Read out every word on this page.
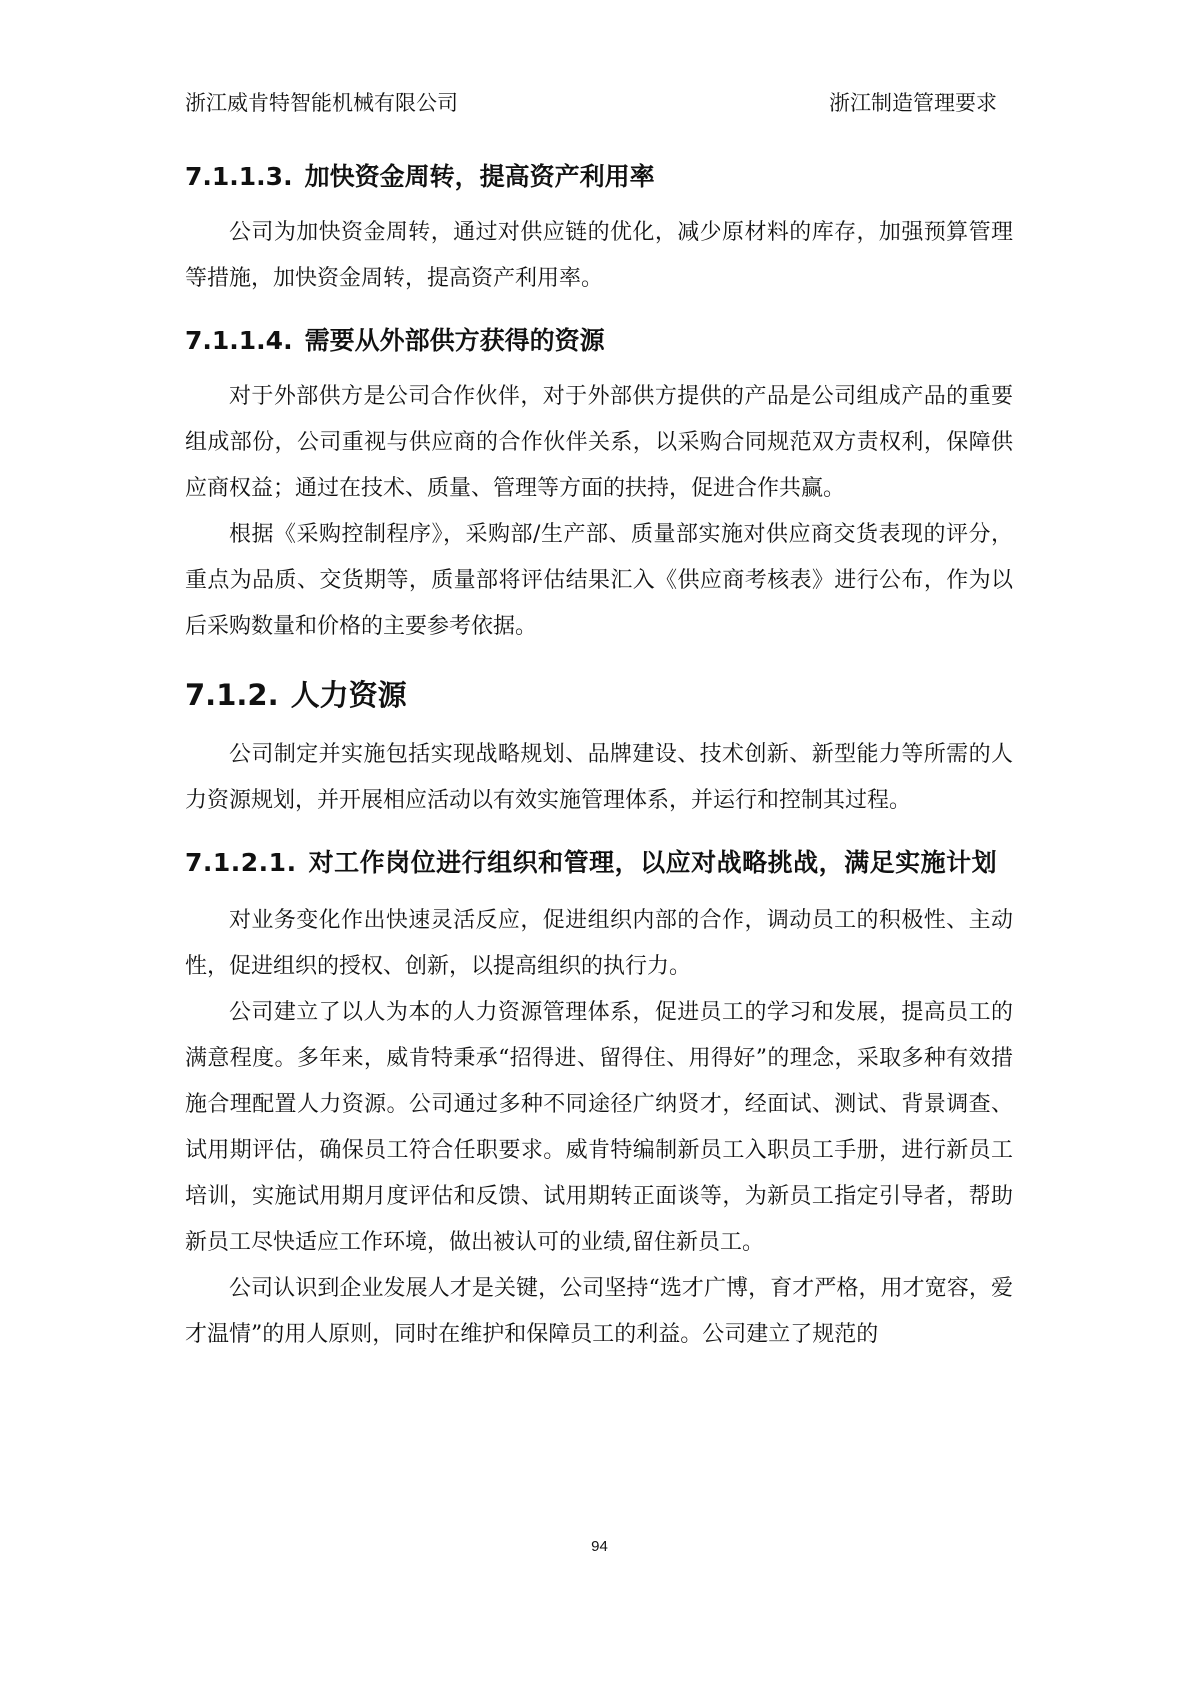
浙江威肯特智能机械有限公司	浙江制造管理要求
7.1.1.3. 加快资金周转，提高资产利用率

公司为加快资金周转，通过对供应链的优化，减少原材料的库存，加强预算管理等措施，加快资金周转，提高资产利用率。

7.1.1.4. 需要从外部供方获得的资源

对于外部供方是公司合作伙伴，对于外部供方提供的产品是公司组成产品的重要组成部份，公司重视与供应商的合作伙伴关系，以采购合同规范双方责权利，保障供应商权益；通过在技术、质量、管理等方面的扶持，促进合作共赢。

根据《采购控制程序》，采购部/生产部、质量部实施对供应商交货表现的评分，重点为品质、交货期等，质量部将评估结果汇入《供应商考核表》进行公布，作为以后采购数量和价格的主要参考依据。

7.1.2. 人力资源

公司制定并实施包括实现战略规划、品牌建设、技术创新、新型能力等所需的人力资源规划，并开展相应活动以有效实施管理体系，并运行和控制其过程。

7.1.2.1. 对工作岗位进行组织和管理，以应对战略挑战，满足实施计划

对业务变化作出快速灵活反应，促进组织内部的合作，调动员工的积极性、主动性，促进组织的授权、创新，以提高组织的执行力。

公司建立了以人为本的人力资源管理体系，促进员工的学习和发展，提高员工的满意程度。多年来，威肯特秉承“招得进、留得住、用得好”的理念，采取多种有效措施合理配置人力资源。公司通过多种不同途径广纳贤才，经面试、测试、背景调查、试用期评估，确保员工符合任职要求。威肯特编制新员工入职员工手册，进行新员工培训，实施试用期月度评估和反馈、试用期转正面谈等，为新员工指定引导者，帮助新员工尽快适应工作环境，做出被认可的业绩,留住新员工。

公司认识到企业发展人才是关键，公司坚持“选才广博，育才严格，用才宽容，爱才温情”的用人原则，同时在维护和保障员工的利益。公司建立了规范的

94
